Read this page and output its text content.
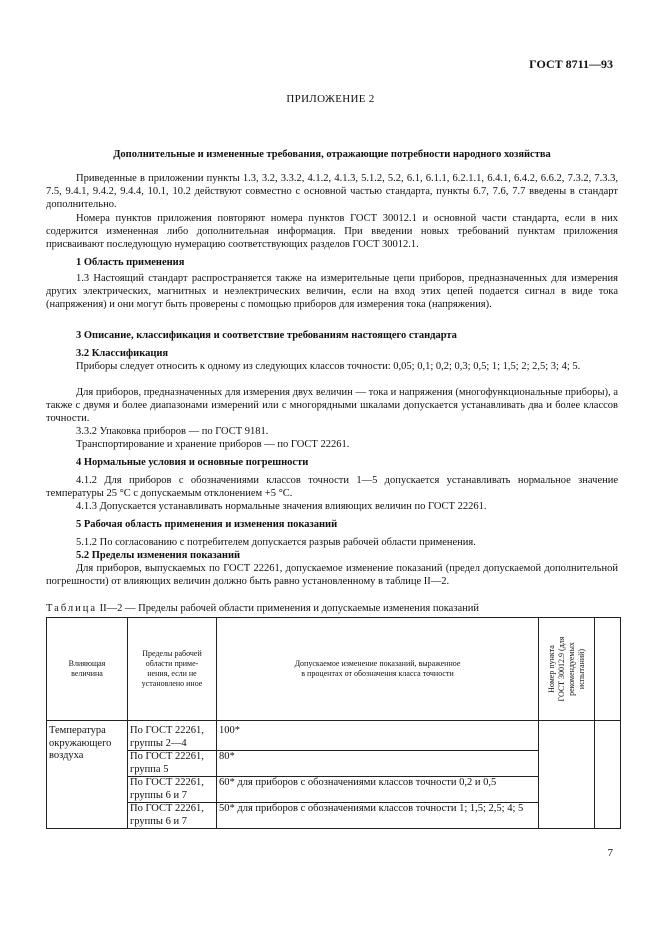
ГОСТ 8711—93
ПРИЛОЖЕНИЕ 2
Дополнительные и измененные требования, отражающие потребности народного хозяйства
Приведенные в приложении пункты 1.3, 3.2, 3.3.2, 4.1.2, 4.1.3, 5.1.2, 5.2, 6.1, 6.1.1, 6.2.1.1, 6.4.1, 6.4.2, 6.6.2, 7.3.2, 7.3.3, 7.5, 9.4.1, 9.4.2, 9.4.4, 10.1, 10.2 действуют совместно с основной частью стандарта, пункты 6.7, 7.6, 7.7 введены в стандарт дополнительно.
Номера пунктов приложения повторяют номера пунктов ГОСТ 30012.1 и основной части стандарта, если в них содержится измененная либо дополнительная информация. При введении новых требований пунктам приложения присваивают последующую нумерацию соответствующих разделов ГОСТ 30012.1.
1 Область применения
1.3 Настоящий стандарт распространяется также на измерительные цепи приборов, предназначенных для измерения других электрических, магнитных и неэлектрических величин, если на вход этих цепей подается сигнал в виде тока (напряжения) и они могут быть проверены с помощью приборов для измерения тока (напряжения).
3 Описание, классификация и соответствие требованиям настоящего стандарта
3.2 Классификация
Приборы следует относить к одному из следующих классов точности: 0,05; 0,1; 0,2; 0,3; 0,5; 1; 1,5; 2; 2,5; 3; 4; 5.
Для приборов, предназначенных для измерения двух величин — тока и напряжения (многофункциональные приборы), а также с двумя и более диапазонами измерений или с многорядными шкалами допускается устанавливать два и более классов точности.
3.3.2 Упаковка приборов — по ГОСТ 9181.
Транспортирование и хранение приборов — по ГОСТ 22261.
4 Нормальные условия и основные погрешности
4.1.2 Для приборов с обозначениями классов точности 1—5 допускается устанавливать нормальное значение температуры 25 °С с допускаемым отклонением +5 °С.
4.1.3 Допускается устанавливать нормальные значения влияющих величин по ГОСТ 22261.
5 Рабочая область применения и изменения показаний
5.1.2 По согласованию с потребителем допускается разрыв рабочей области применения.
5.2 Пределы изменения показаний
Для приборов, выпускаемых по ГОСТ 22261, допускаемое изменение показаний (предел допускаемой дополнительной погрешности) от влияющих величин должно быть равно установленному в таблице II—2.
Таблица II—2 — Пределы рабочей области применения и допускаемые изменения показаний
Влияющая
величина	Пределы рабочей
области приме-
нения, если не
установлено иное	Допускаемое изменение показаний, выраженное
в процентах от обозначения класса точности	Номер пункта
ГОСТ 30012.9 (для
рекомендуемых
испытаний)	

Температура окружающего воздуха	По ГОСТ 22261, группы 2—4	100*		
	По ГОСТ 22261, группа 5	80*		
	По ГОСТ 22261, группы 6 и 7	60* для приборов с обозначениями классов точности 0,2 и 0,5		
	По ГОСТ 22261, группы 6 и 7	50* для приборов с обозначениями классов точности 1; 1,5; 2,5; 4; 5		
7
